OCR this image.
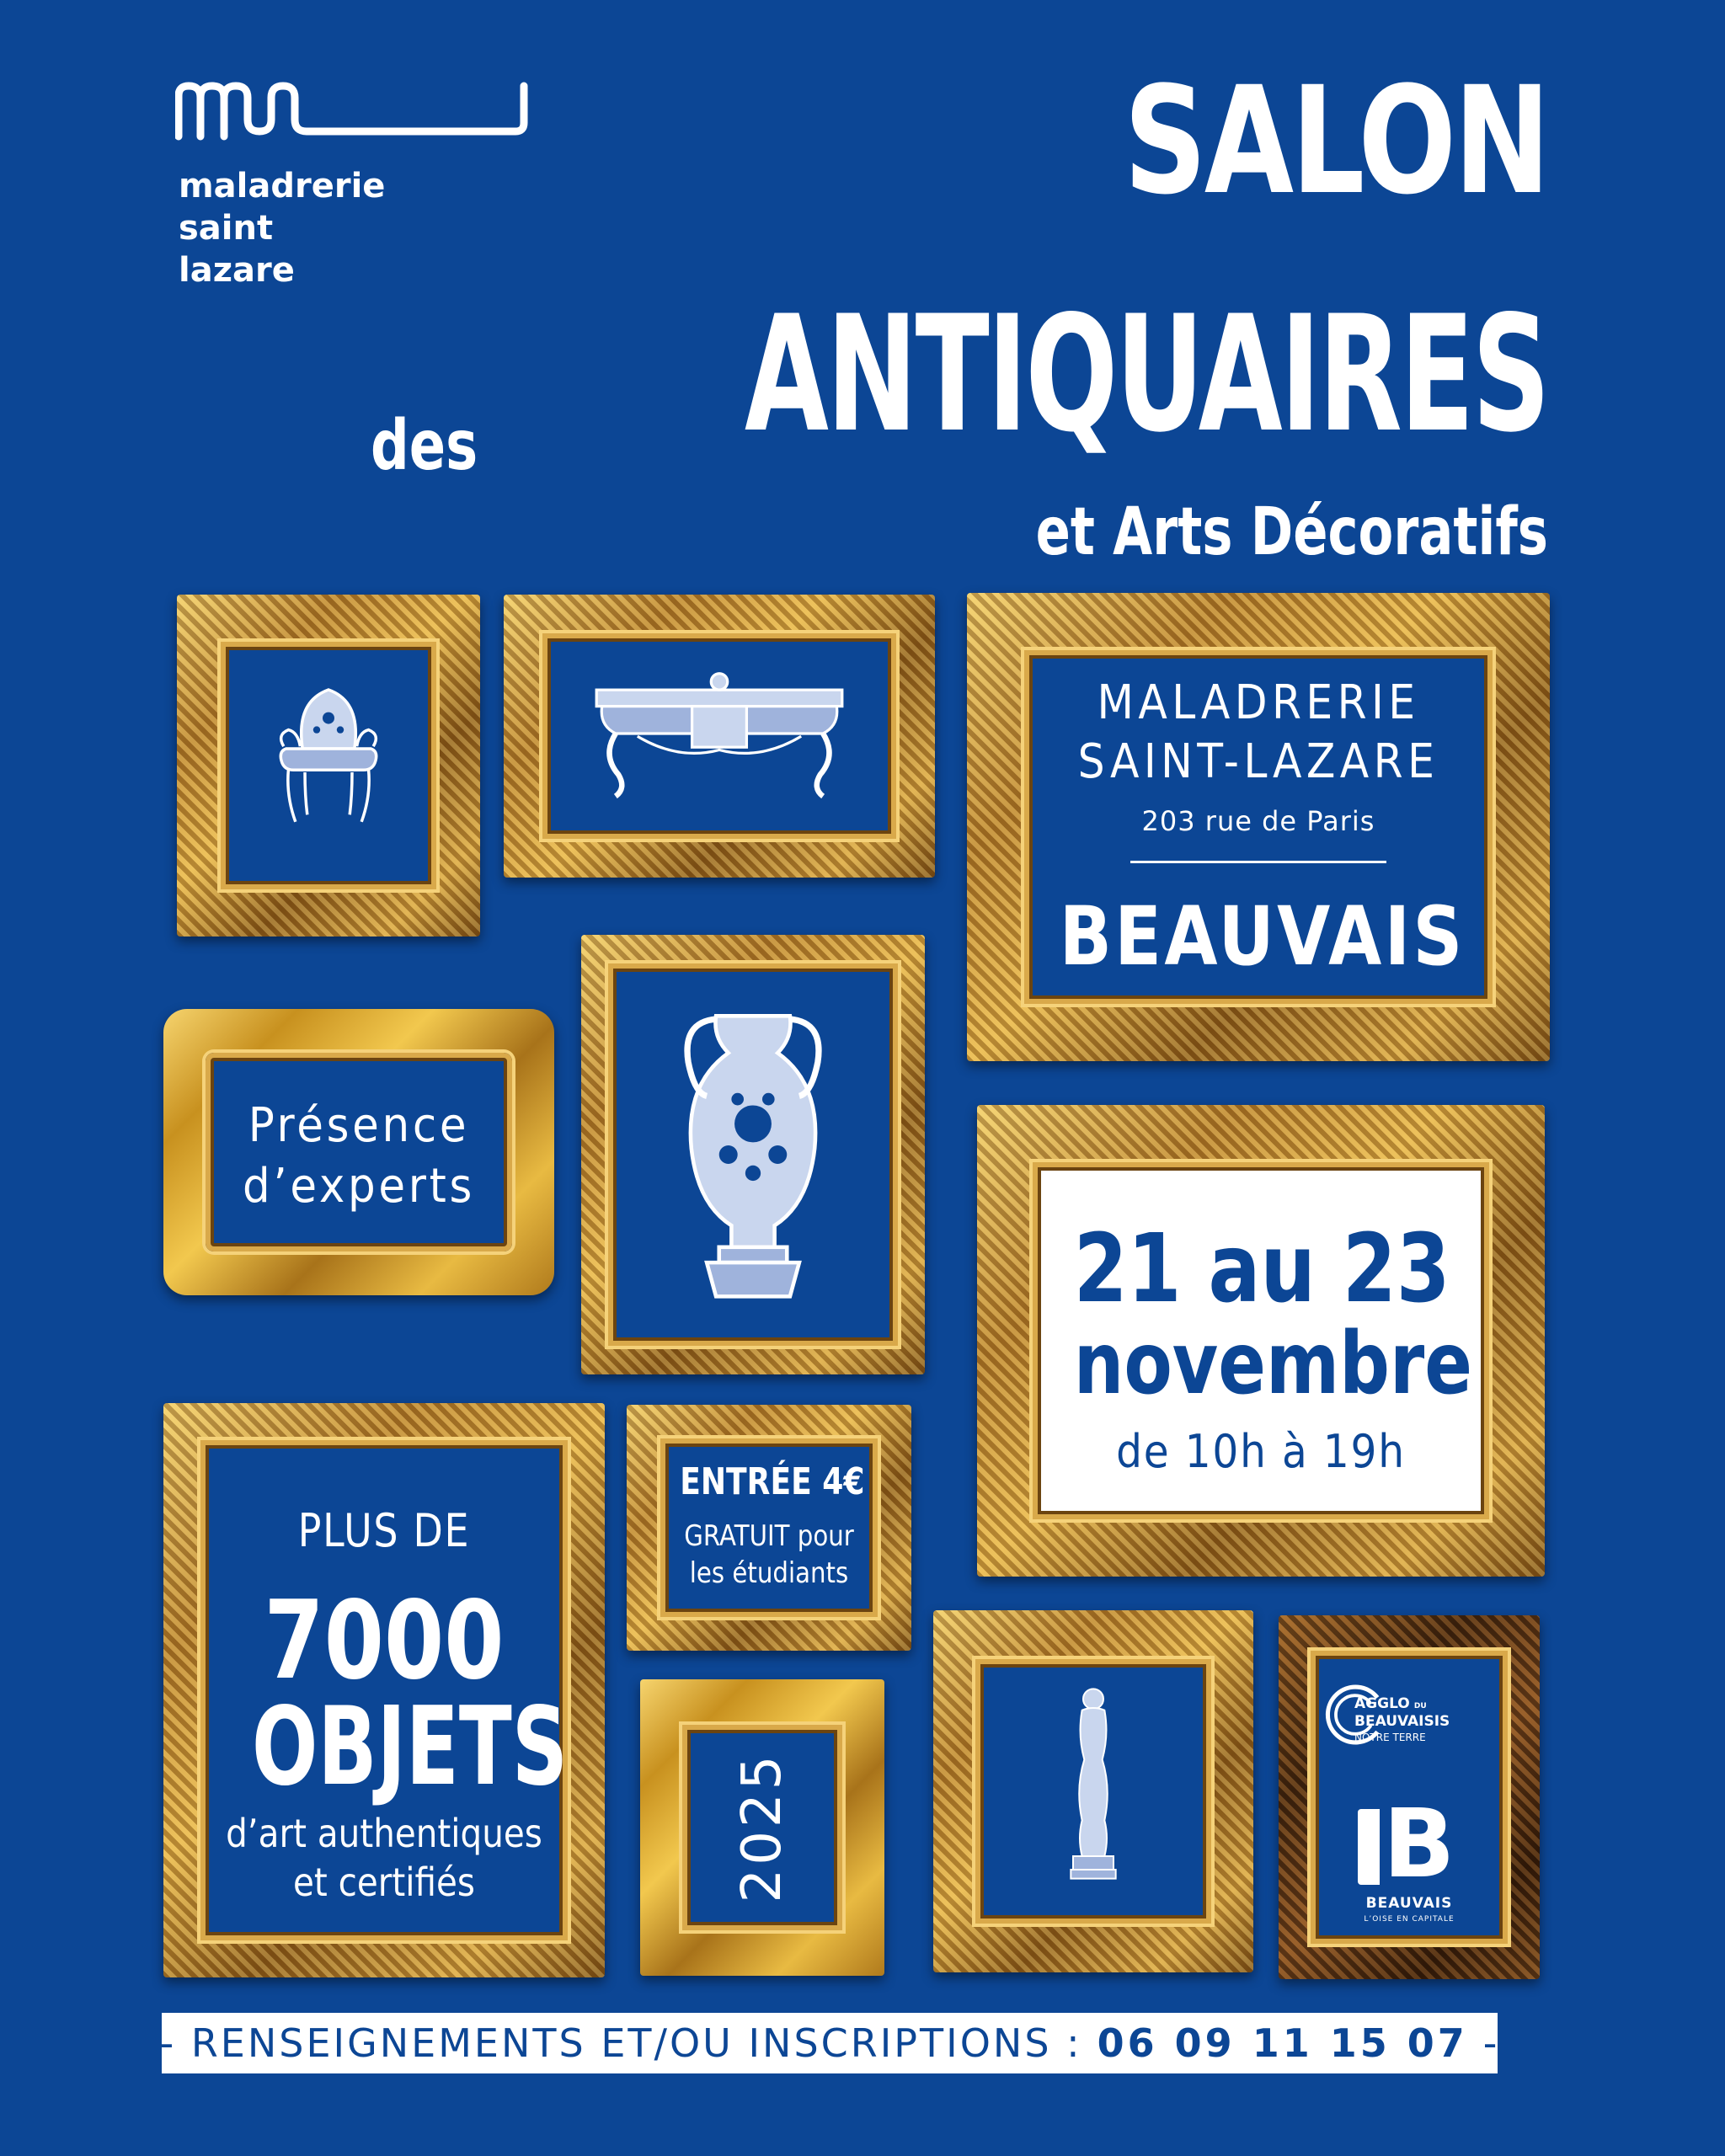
maladrerie
saint
lazare
SALON
des ANTIQUAIRES
et Arts Décoratifs
MALADRERIE
SAINT-LAZARE
203 rue de Paris
BEAUVAIS
Présence
d’experts
21 au 23
novembre
de 10h à 19h
PLUS DE
7000
OBJETS
d’art authentiques
et certifiés
ENTRÉE 4€
GRATUIT pour
les étudiants
2025
AGGLO DU
BEAUVAISIS
NOTRE TERRE
B
BEAUVAIS
L’OISE EN CAPITALE
- RENSEIGNEMENTS ET/OU INSCRIPTIONS : 06 09 11 15 07 -
